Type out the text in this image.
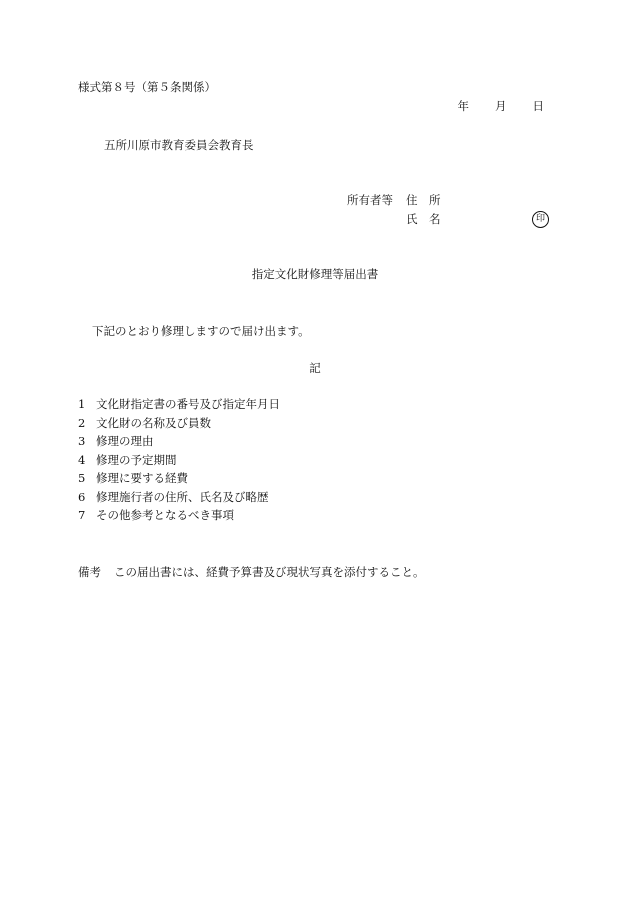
様式第８号（第５条関係）
年 月 日
五所川原市教育委員会教育長
所有者等 住　所
氏　名	印
指定文化財修理等届出書
下記のとおり修理しますので届け出ます。
記
1 文化財指定書の番号及び指定年月日
2 文化財の名称及び員数
3 修理の理由
4 修理の予定期間
5 修理に要する経費
6 修理施行者の住所、氏名及び略歴
7 その他参考となるべき事項
備考 この届出書には、経費予算書及び現状写真を添付すること。
